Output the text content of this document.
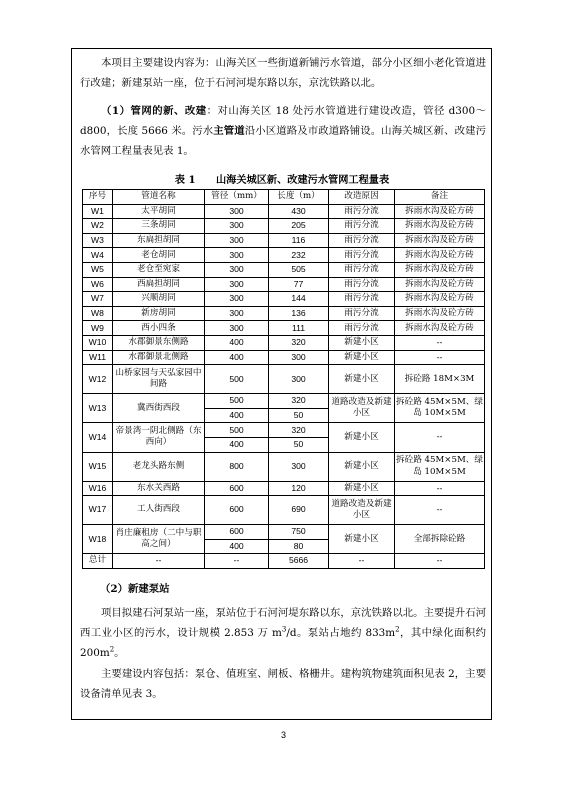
本项目主要建设内容为：山海关区一些街道新铺污水管道，部分小区细小老化管道进行改建；新建泵站一座，位于石河河堤东路以东，京沈铁路以北。

（1）管网的新、改建：对山海关区 18 处污水管道进行建设改造，管径 d300～d800，长度 5666 米。污水主管道沿小区道路及市政道路铺设。山海关城区新、改建污水管网工程量表见表 1。

表 1　　山海关城区新、改建污水管网工程量表
序号	管道名称	管径（mm）	长度（m）	改造原因	备注
W1	太平胡同	300	430	雨污分流	拆雨水沟及砼方砖
W2	三条胡同	300	205	雨污分流	拆雨水沟及砼方砖
W3	东扁担胡同	300	116	雨污分流	拆雨水沟及砼方砖
W4	老仓胡同	300	232	雨污分流	拆雨水沟及砼方砖
W5	老仓至宛家	300	505	雨污分流	拆雨水沟及砼方砖
W6	西扁担胡同	300	77	雨污分流	拆雨水沟及砼方砖
W7	兴顺胡同	300	144	雨污分流	拆雨水沟及砼方砖
W8	新房胡同	300	136	雨污分流	拆雨水沟及砼方砖
W9	西小四条	300	111	雨污分流	拆雨水沟及砼方砖
W10	水郡御景东侧路	400	320	新建小区	--
W11	水郡御景北侧路	400	300	新建小区	--
W12	山桥家园与天弘家园中间路	500	300	新建小区	拆砼路 18M×3M
W13	冀西街西段	500	320	道路改造及新建小区	拆砼路 45M×5M、绿岛 10M×5M
		400	50		
W14	帝景湾一阴北侧路（东西向）	500	320	新建小区	--
		400	50		
W15	老龙头路东侧	800	300	新建小区	拆砼路 45M×5M、绿岛 10M×5M
W16	东水关西路	600	120	新建小区	--
W17	工人街西段	600	690	道路改造及新建小区	--
W18	肖庄廉租房（二中与职高之间）	600	750	新建小区	全部拆除砼路
		400	80		
总计	--	--	5666	--	--
（2）新建泵站

项目拟建石河泵站一座，泵站位于石河河堤东路以东，京沈铁路以北。主要提升石河西工业小区的污水，设计规模 2.853 万 $m^3/d$。泵站占地约 $833m^2$，其中绿化面积约 $200m^2$。

主要建设内容包括：泵仓、值班室、闸板、格栅井。建构筑物建筑面积见表 2，主要设备清单见表 3。

3
